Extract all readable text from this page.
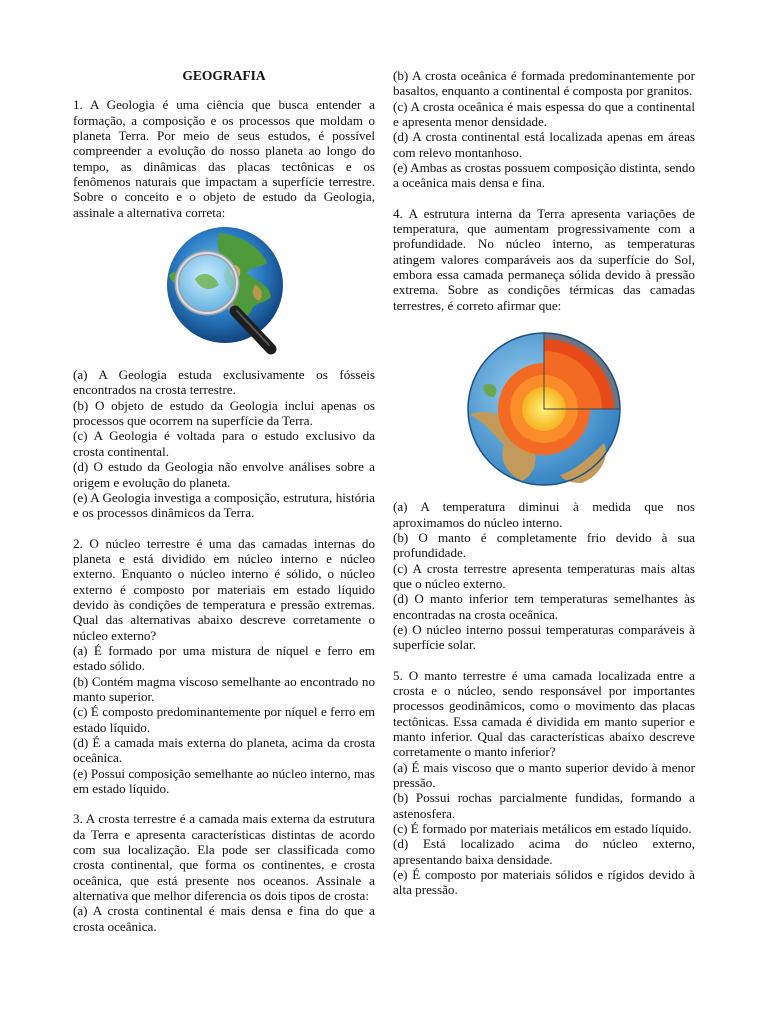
GEOGRAFIA

1. A Geologia é uma ciência que busca entender a formação, a composição e os processos que moldam o planeta Terra. Por meio de seus estudos, é possível compreender a evolução do nosso planeta ao longo do tempo, as dinâmicas das placas tectônicas e os fenômenos naturais que impactam a superfície terrestre. Sobre o conceito e o objeto de estudo da Geologia, assinale a alternativa correta:

(a) A Geologia estuda exclusivamente os fósseis encontrados na crosta terrestre.

(b) O objeto de estudo da Geologia inclui apenas os processos que ocorrem na superfície da Terra.

(c) A Geologia é voltada para o estudo exclusivo da crosta continental.

(d) O estudo da Geologia não envolve análises sobre a origem e evolução do planeta.

(e) A Geologia investiga a composição, estrutura, história e os processos dinâmicos da Terra.

2. O núcleo terrestre é uma das camadas internas do planeta e está dividido em núcleo interno e núcleo externo. Enquanto o núcleo interno é sólido, o núcleo externo é composto por materiais em estado líquido devido às condições de temperatura e pressão extremas. Qual das alternativas abaixo descreve corretamente o núcleo externo?

(a) É formado por uma mistura de níquel e ferro em estado sólido.

(b) Contém magma viscoso semelhante ao encontrado no manto superior.

(c) É composto predominantemente por níquel e ferro em estado líquido.

(d) É a camada mais externa do planeta, acima da crosta oceânica.

(e) Possui composição semelhante ao núcleo interno, mas em estado líquido.

3. A crosta terrestre é a camada mais externa da estrutura da Terra e apresenta características distintas de acordo com sua localização. Ela pode ser classificada como crosta continental, que forma os continentes, e crosta oceânica, que está presente nos oceanos. Assinale a alternativa que melhor diferencia os dois tipos de crosta:

(a) A crosta continental é mais densa e fina do que a crosta oceânica.

(b) A crosta oceânica é formada predominantemente por basaltos, enquanto a continental é composta por granitos.

(c) A crosta oceânica é mais espessa do que a continental e apresenta menor densidade.

(d) A crosta continental está localizada apenas em áreas com relevo montanhoso.

(e) Ambas as crostas possuem composição distinta, sendo a oceânica mais densa e fina.

4. A estrutura interna da Terra apresenta variações de temperatura, que aumentam progressivamente com a profundidade. No núcleo interno, as temperaturas atingem valores comparáveis aos da superfície do Sol, embora essa camada permaneça sólida devido à pressão extrema. Sobre as condições térmicas das camadas terrestres, é correto afirmar que:

(a) A temperatura diminui à medida que nos aproximamos do núcleo interno.

(b) O manto é completamente frio devido à sua profundidade.

(c) A crosta terrestre apresenta temperaturas mais altas que o núcleo externo.

(d) O manto inferior tem temperaturas semelhantes às encontradas na crosta oceânica.

(e) O núcleo interno possui temperaturas comparáveis à superfície solar.

5. O manto terrestre é uma camada localizada entre a crosta e o núcleo, sendo responsável por importantes processos geodinâmicos, como o movimento das placas tectônicas. Essa camada é dividida em manto superior e manto inferior. Qual das características abaixo descreve corretamente o manto inferior?

(a) É mais viscoso que o manto superior devido à menor pressão.

(b) Possui rochas parcialmente fundidas, formando a astenosfera.

(c) É formado por materiais metálicos em estado líquido.

(d) Está localizado acima do núcleo externo, apresentando baixa densidade.

(e) É composto por materiais sólidos e rígidos devido à alta pressão.
